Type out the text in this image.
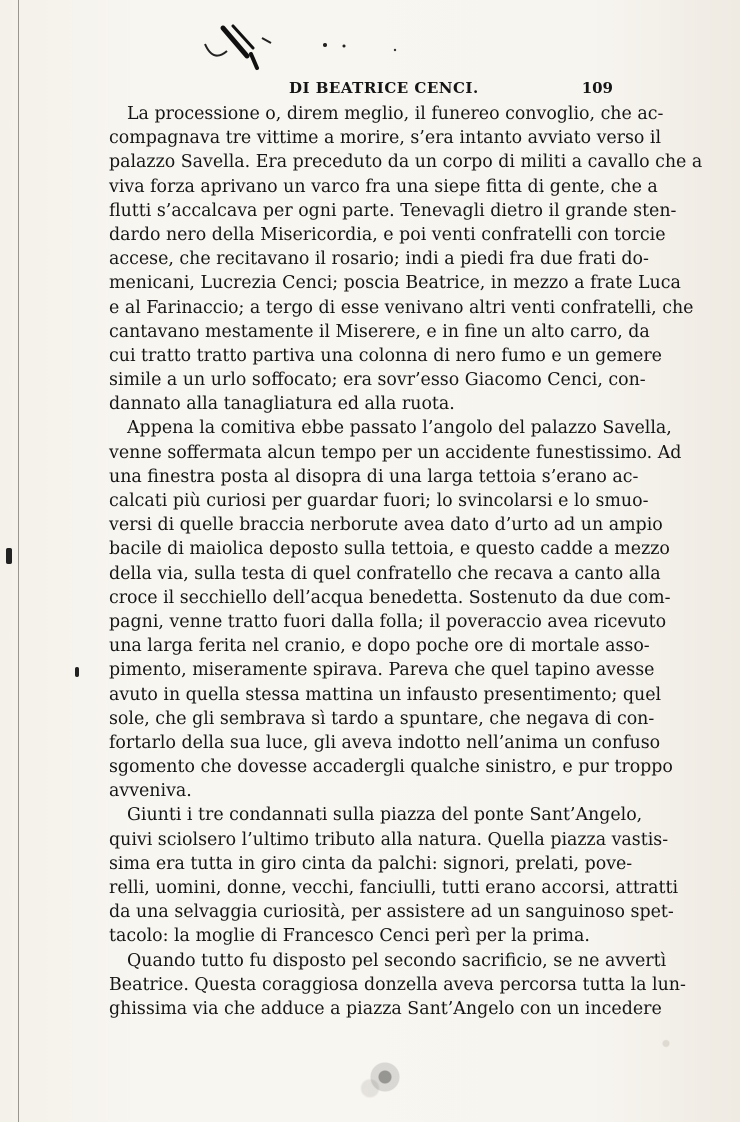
DI BEATRICE CENCI.	109
La processione o, direm meglio, il funereo convoglio, che ac-
compagnava tre vittime a morire, s’era intanto avviato verso il
palazzo Savella. Era preceduto da un corpo di militi a cavallo che a
viva forza aprivano un varco fra una siepe fitta di gente, che a
flutti s’accalcava per ogni parte. Tenevagli dietro il grande sten-
dardo nero della Misericordia, e poi venti confratelli con torcie
accese, che recitavano il rosario; indi a piedi fra due frati do-
menicani, Lucrezia Cenci; poscia Beatrice, in mezzo a frate Luca
e al Farinaccio; a tergo di esse venivano altri venti confratelli, che
cantavano mestamente il Miserere, e in fine un alto carro, da
cui tratto tratto partiva una colonna di nero fumo e un gemere
simile a un urlo soffocato; era sovr’esso Giacomo Cenci, con-
dannato alla tanagliatura ed alla ruota.
Appena la comitiva ebbe passato l’angolo del palazzo Savella,
venne soffermata alcun tempo per un accidente funestissimo. Ad
una finestra posta al disopra di una larga tettoia s’erano ac-
calcati più curiosi per guardar fuori; lo svincolarsi e lo smuo-
versi di quelle braccia nerborute avea dato d’urto ad un ampio
bacile di maiolica deposto sulla tettoia, e questo cadde a mezzo
della via, sulla testa di quel confratello che recava a canto alla
croce il secchiello dell’acqua benedetta. Sostenuto da due com-
pagni, venne tratto fuori dalla folla; il poveraccio avea ricevuto
una larga ferita nel cranio, e dopo poche ore di mortale asso-
pimento, miseramente spirava. Pareva che quel tapino avesse
avuto in quella stessa mattina un infausto presentimento; quel
sole, che gli sembrava sì tardo a spuntare, che negava di con-
fortarlo della sua luce, gli aveva indotto nell’anima un confuso
sgomento che dovesse accadergli qualche sinistro, e pur troppo
avveniva.
Giunti i tre condannati sulla piazza del ponte Sant’Angelo,
quivi sciolsero l’ultimo tributo alla natura. Quella piazza vastis-
sima era tutta in giro cinta da palchi: signori, prelati, pove-
relli, uomini, donne, vecchi, fanciulli, tutti erano accorsi, attratti
da una selvaggia curiosità, per assistere ad un sanguinoso spet-
tacolo: la moglie di Francesco Cenci perì per la prima.
Quando tutto fu disposto pel secondo sacrificio, se ne avvertì
Beatrice. Questa coraggiosa donzella aveva percorsa tutta la lun-
ghissima via che adduce a piazza Sant’Angelo con un incedere
